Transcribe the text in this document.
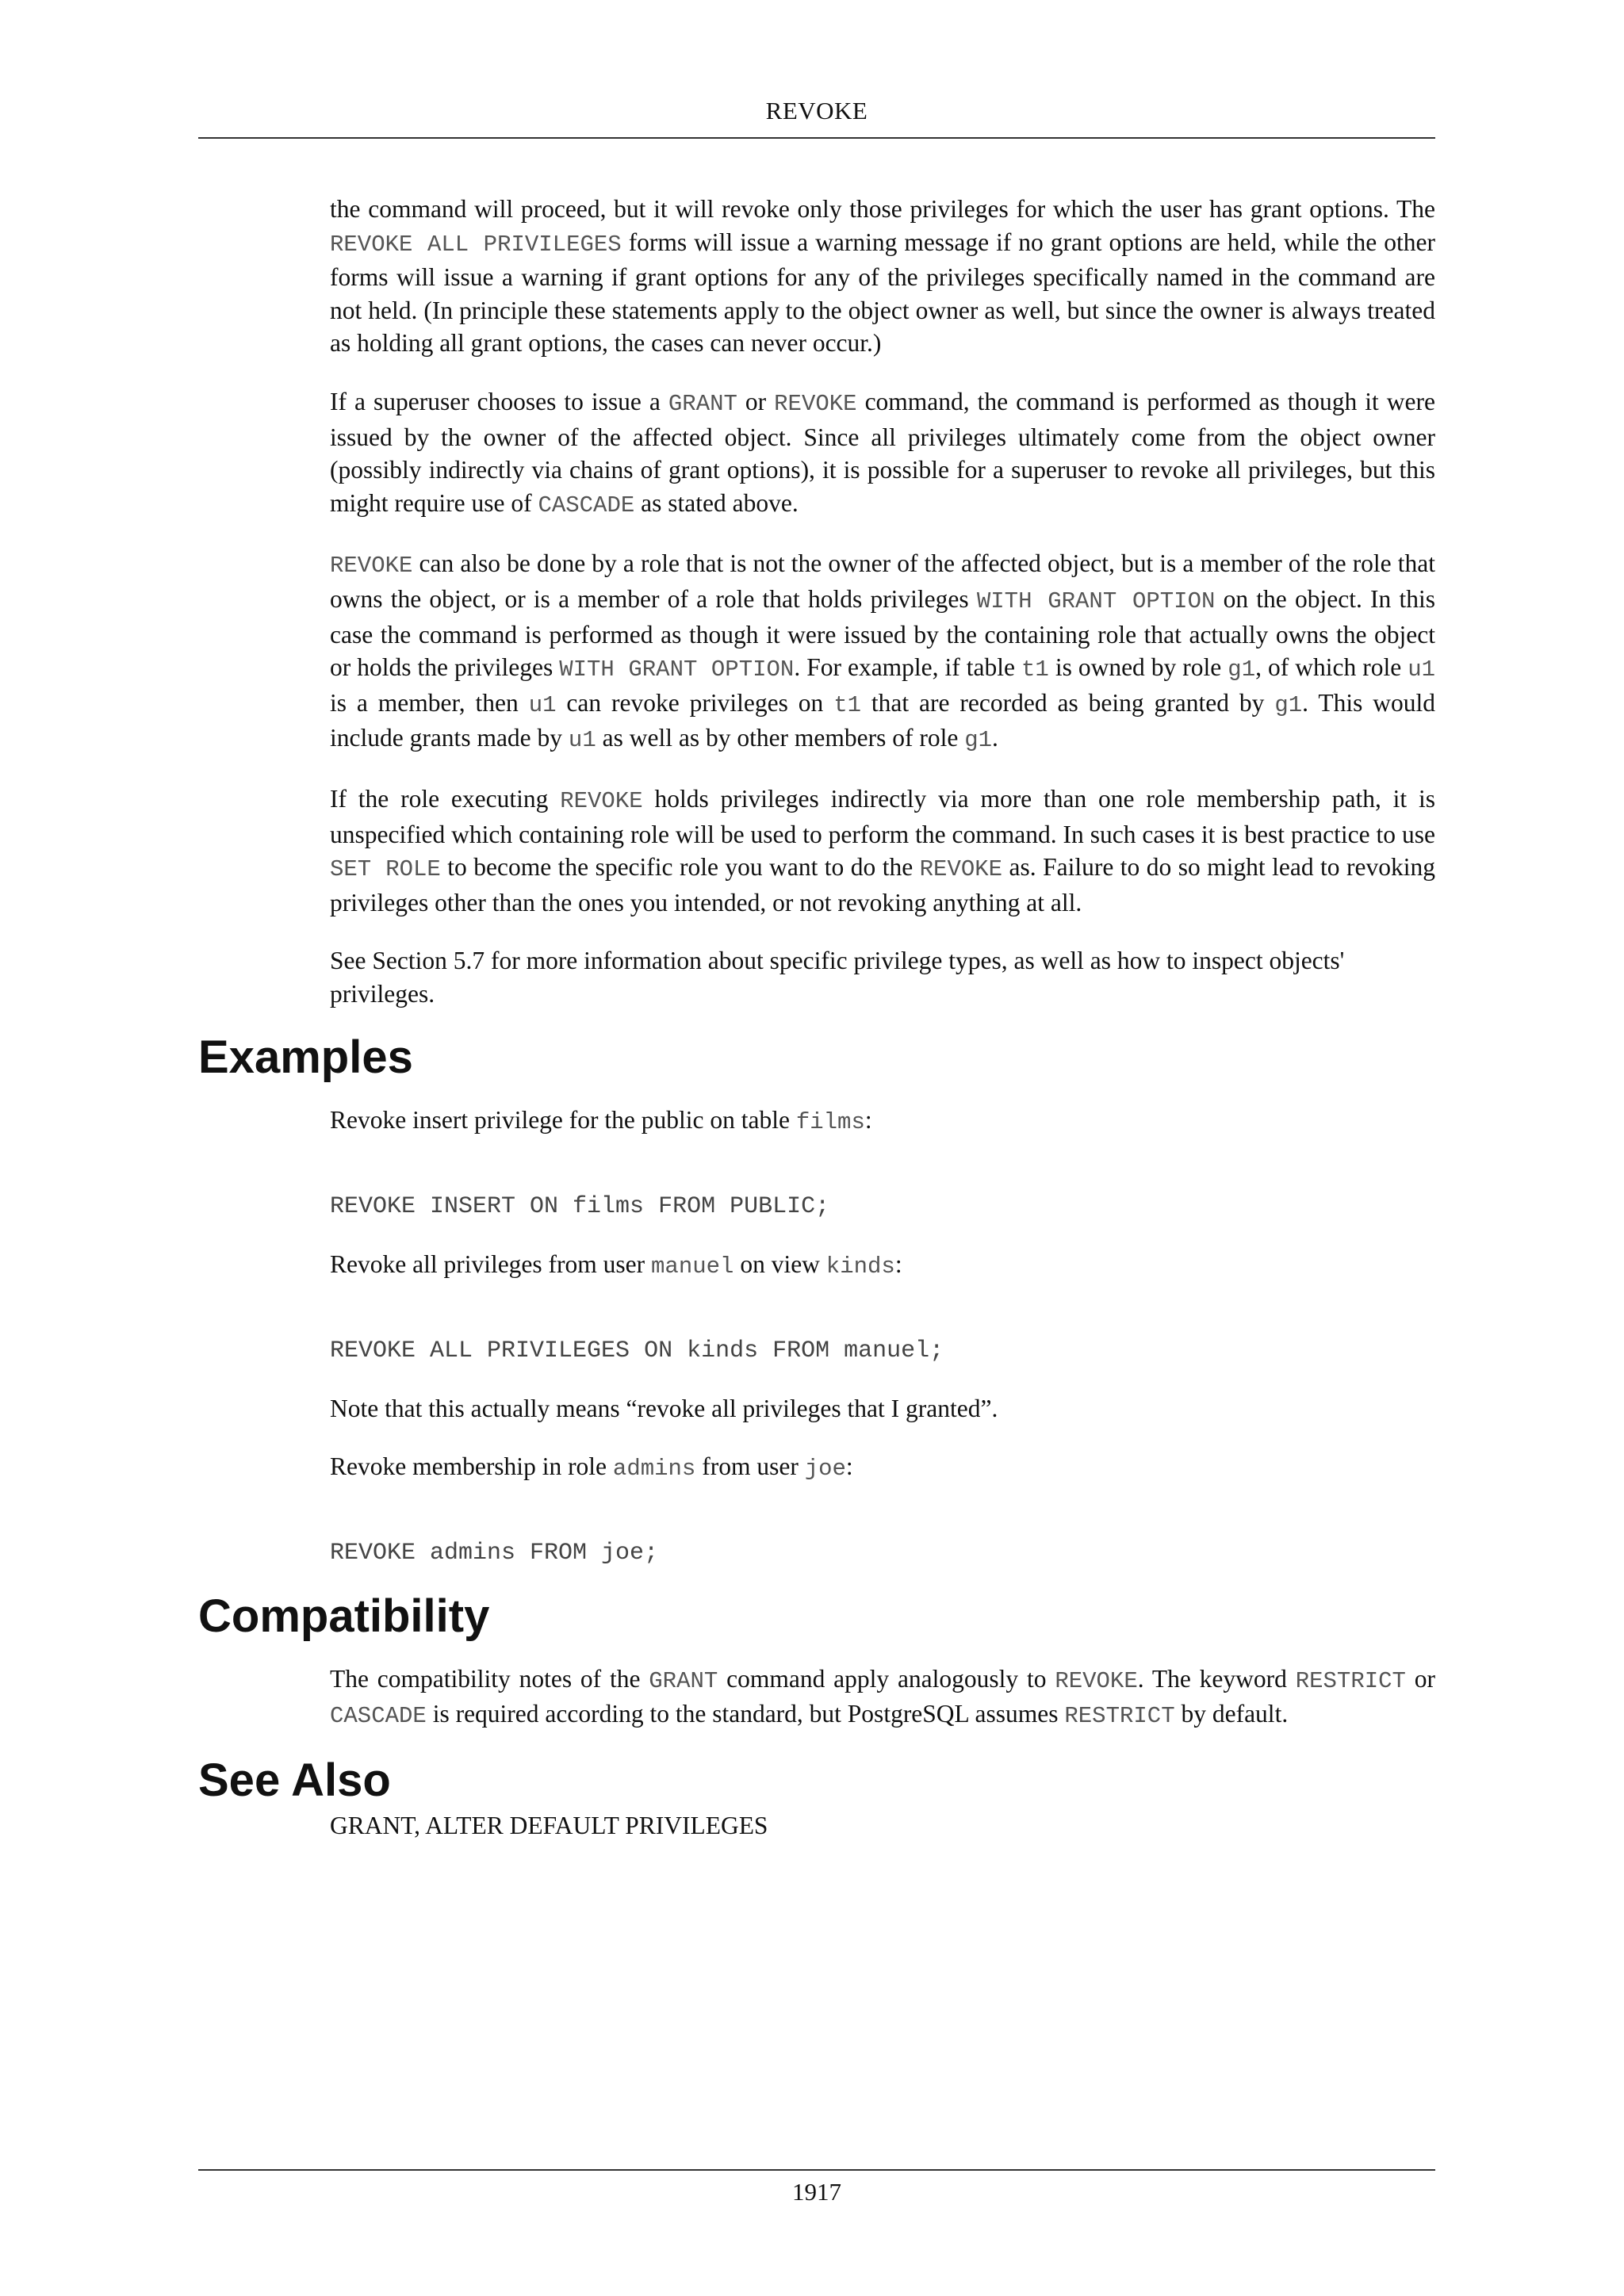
REVOKE

the command will proceed, but it will revoke only those privileges for which the user has grant options. The REVOKE ALL PRIVILEGES forms will issue a warning message if no grant options are held, while the other forms will issue a warning if grant options for any of the privileges specifically named in the command are not held. (In principle these statements apply to the object owner as well, but since the owner is always treated as holding all grant options, the cases can never occur.)

If a superuser chooses to issue a GRANT or REVOKE command, the command is performed as though it were issued by the owner of the affected object. Since all privileges ultimately come from the object owner (possibly indirectly via chains of grant options), it is possible for a superuser to revoke all privileges, but this might require use of CASCADE as stated above.

REVOKE can also be done by a role that is not the owner of the affected object, but is a member of the role that owns the object, or is a member of a role that holds privileges WITH GRANT OPTION on the object. In this case the command is performed as though it were issued by the containing role that actually owns the object or holds the privileges WITH GRANT OPTION. For example, if table t1 is owned by role g1, of which role u1 is a member, then u1 can revoke privileges on t1 that are recorded as being granted by g1. This would include grants made by u1 as well as by other members of role g1.

If the role executing REVOKE holds privileges indirectly via more than one role membership path, it is unspecified which containing role will be used to perform the command. In such cases it is best practice to use SET ROLE to become the specific role you want to do the REVOKE as. Failure to do so might lead to revoking privileges other than the ones you intended, or not revoking anything at all.

See Section 5.7 for more information about specific privilege types, as well as how to inspect objects' privileges.

Examples

Revoke insert privilege for the public on table films:

REVOKE INSERT ON films FROM PUBLIC;

Revoke all privileges from user manuel on view kinds:

REVOKE ALL PRIVILEGES ON kinds FROM manuel;

Note that this actually means “revoke all privileges that I granted”.

Revoke membership in role admins from user joe:

REVOKE admins FROM joe;
Compatibility

The compatibility notes of the GRANT command apply analogously to REVOKE. The keyword RESTRICT or CASCADE is required according to the standard, but PostgreSQL assumes RESTRICT by default.

See Also

GRANT, ALTER DEFAULT PRIVILEGES

1917
